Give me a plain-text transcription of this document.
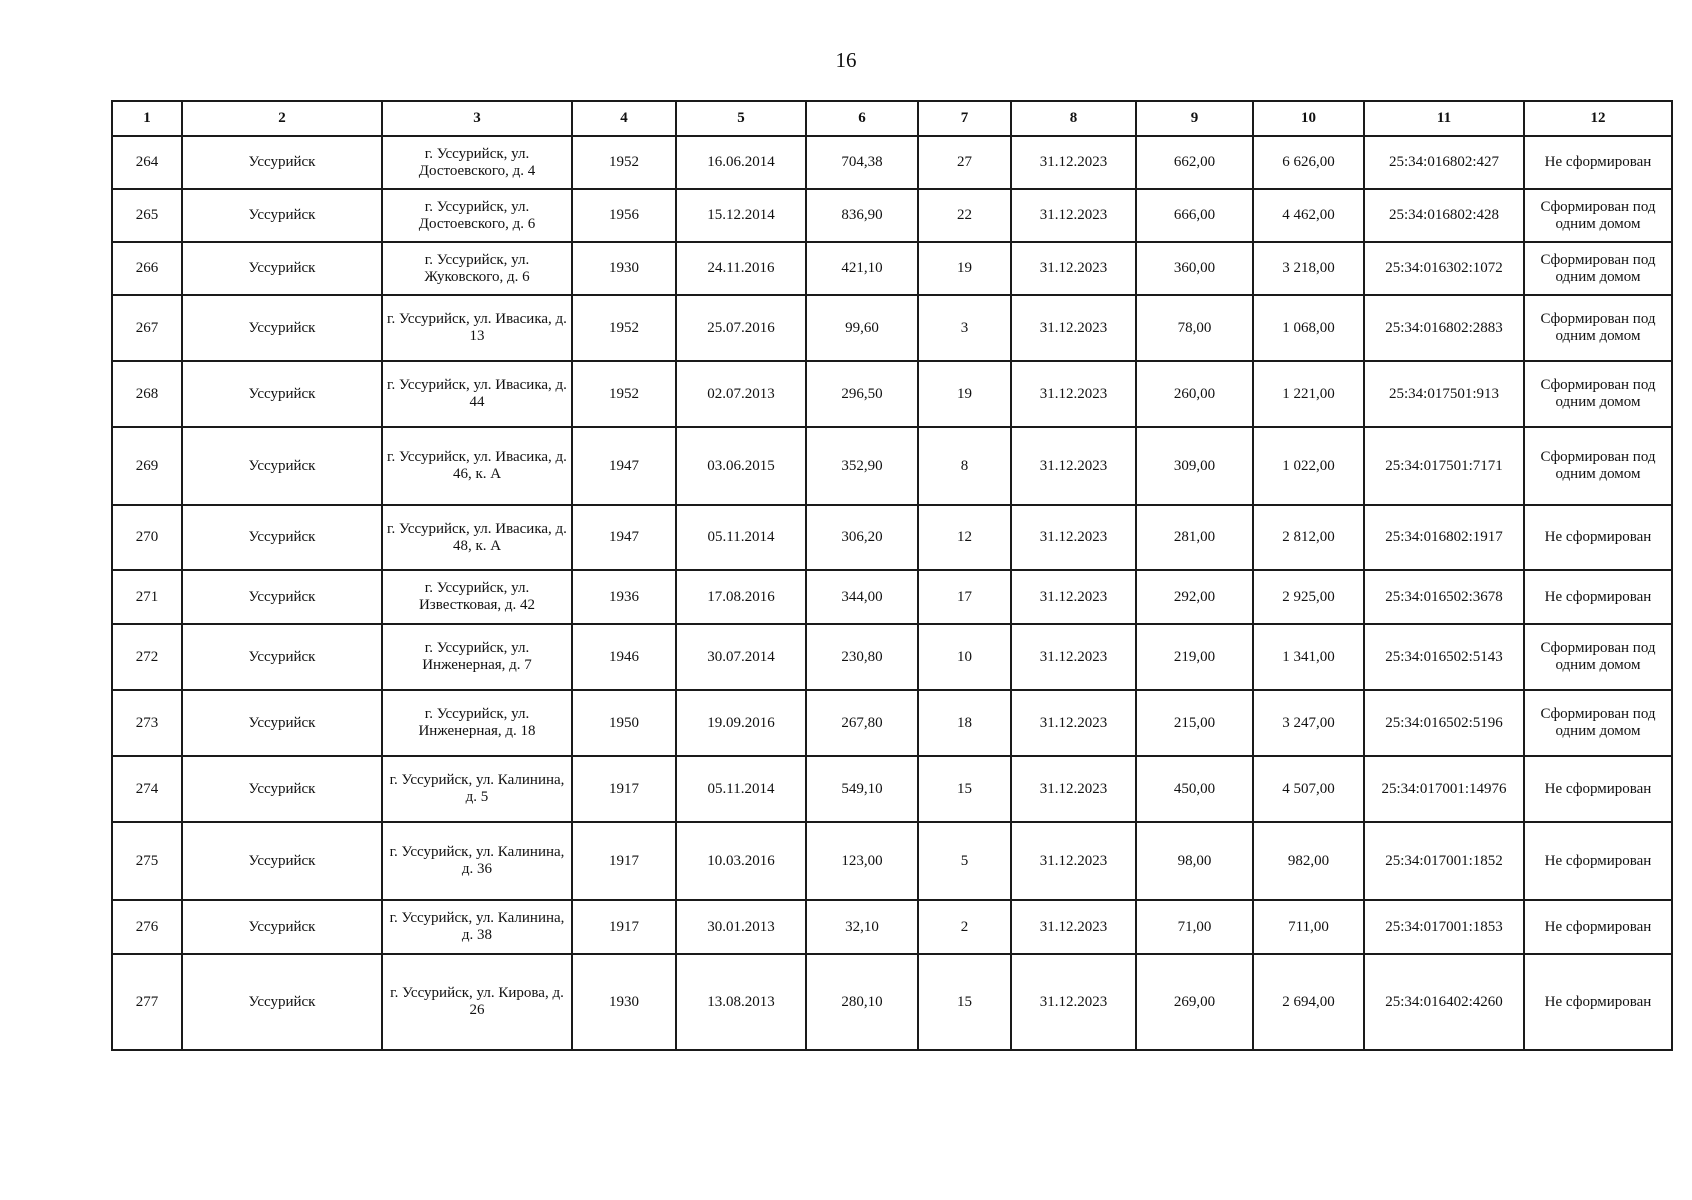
16
1	2	3	4	5	6	7	8	9	10	11	12
264	Уссурийск	г. Уссурийск, ул. Достоевского, д. 4	1952	16.06.2014	704,38	27	31.12.2023	662,00	6 626,00	25:34:016802:427	Не сформирован
265	Уссурийск	г. Уссурийск, ул. Достоевского, д. 6	1956	15.12.2014	836,90	22	31.12.2023	666,00	4 462,00	25:34:016802:428	Сформирован под одним домом
266	Уссурийск	г. Уссурийск, ул. Жуковского, д. 6	1930	24.11.2016	421,10	19	31.12.2023	360,00	3 218,00	25:34:016302:1072	Сформирован под одним домом
267	Уссурийск	г. Уссурийск, ул. Ивасика, д. 13	1952	25.07.2016	99,60	3	31.12.2023	78,00	1 068,00	25:34:016802:2883	Сформирован под одним домом
268	Уссурийск	г. Уссурийск, ул. Ивасика, д. 44	1952	02.07.2013	296,50	19	31.12.2023	260,00	1 221,00	25:34:017501:913	Сформирован под одним домом
269	Уссурийск	г. Уссурийск, ул. Ивасика, д. 46, к. А	1947	03.06.2015	352,90	8	31.12.2023	309,00	1 022,00	25:34:017501:7171	Сформирован под одним домом
270	Уссурийск	г. Уссурийск, ул. Ивасика, д. 48, к. А	1947	05.11.2014	306,20	12	31.12.2023	281,00	2 812,00	25:34:016802:1917	Не сформирован
271	Уссурийск	г. Уссурийск, ул. Известковая, д. 42	1936	17.08.2016	344,00	17	31.12.2023	292,00	2 925,00	25:34:016502:3678	Не сформирован
272	Уссурийск	г. Уссурийск, ул. Инженерная, д. 7	1946	30.07.2014	230,80	10	31.12.2023	219,00	1 341,00	25:34:016502:5143	Сформирован под одним домом
273	Уссурийск	г. Уссурийск, ул. Инженерная, д. 18	1950	19.09.2016	267,80	18	31.12.2023	215,00	3 247,00	25:34:016502:5196	Сформирован под одним домом
274	Уссурийск	г. Уссурийск, ул. Калинина, д. 5	1917	05.11.2014	549,10	15	31.12.2023	450,00	4 507,00	25:34:017001:14976	Не сформирован
275	Уссурийск	г. Уссурийск, ул. Калинина, д. 36	1917	10.03.2016	123,00	5	31.12.2023	98,00	982,00	25:34:017001:1852	Не сформирован
276	Уссурийск	г. Уссурийск, ул. Калинина, д. 38	1917	30.01.2013	32,10	2	31.12.2023	71,00	711,00	25:34:017001:1853	Не сформирован
277	Уссурийск	г. Уссурийск, ул. Кирова, д. 26	1930	13.08.2013	280,10	15	31.12.2023	269,00	2 694,00	25:34:016402:4260	Не сформирован
